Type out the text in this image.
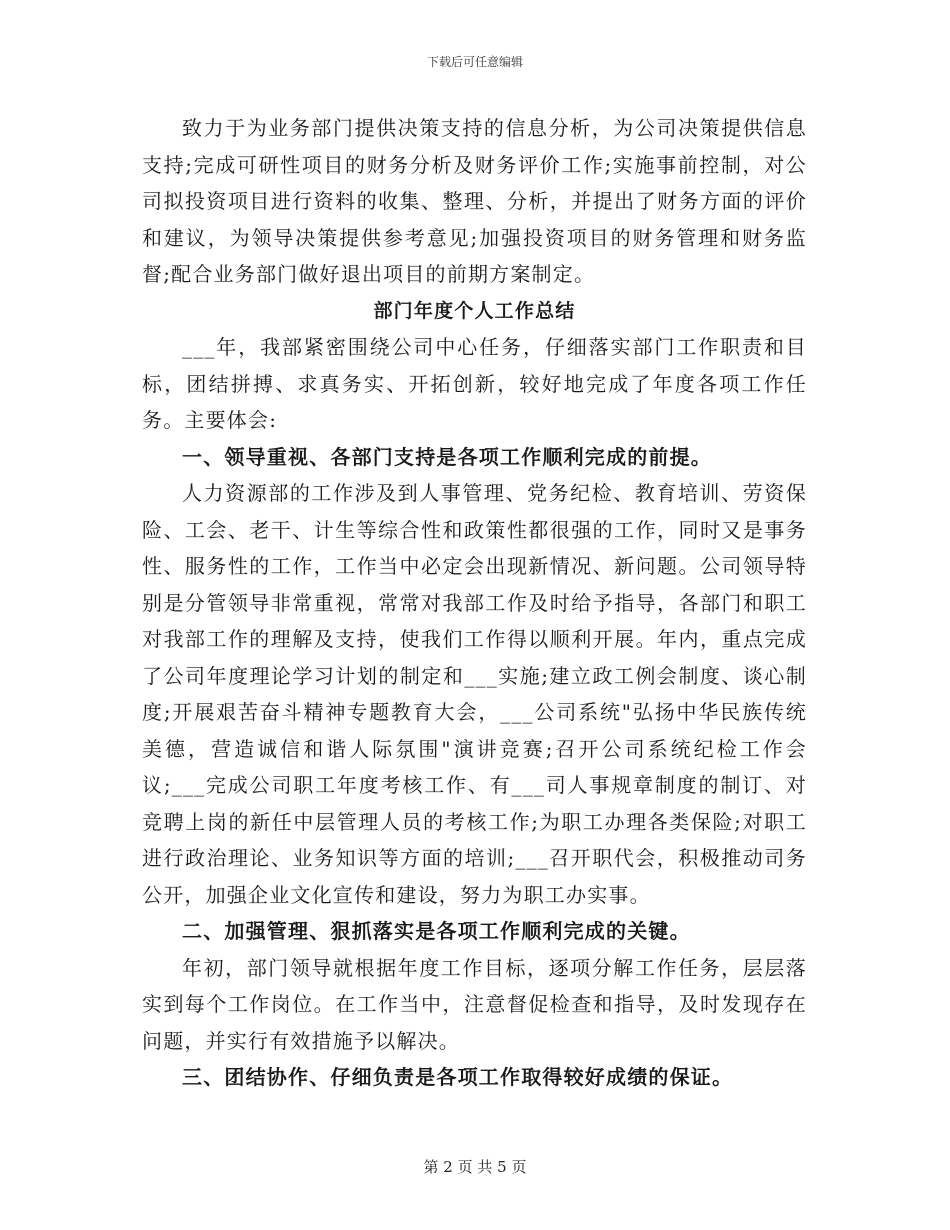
下载后可任意编辑

致力于为业务部门提供决策支持的信息分析，为公司决策提供信息支持;完成可研性项目的财务分析及财务评价工作;实施事前控制，对公司拟投资项目进行资料的收集、整理、分析，并提出了财务方面的评价和建议，为领导决策提供参考意见;加强投资项目的财务管理和财务监督;配合业务部门做好退出项目的前期方案制定。

部门年度个人工作总结

___年，我部紧密围绕公司中心任务，仔细落实部门工作职责和目标，团结拼搏、求真务实、开拓创新，较好地完成了年度各项工作任务。主要体会:

一、领导重视、各部门支持是各项工作顺利完成的前提。

人力资源部的工作涉及到人事管理、党务纪检、教育培训、劳资保险、工会、老干、计生等综合性和政策性都很强的工作，同时又是事务性、服务性的工作，工作当中必定会出现新情况、新问题。公司领导特别是分管领导非常重视，常常对我部工作及时给予指导，各部门和职工对我部工作的理解及支持，使我们工作得以顺利开展。年内，重点完成了公司年度理论学习计划的制定和___实施;建立政工例会制度、谈心制度;开展艰苦奋斗精神专题教育大会，___公司系统"弘扬中华民族传统美德，营造诚信和谐人际氛围"演讲竞赛;召开公司系统纪检工作会议;___完成公司职工年度考核工作、有___司人事规章制度的制订、对竞聘上岗的新任中层管理人员的考核工作;为职工办理各类保险;对职工进行政治理论、业务知识等方面的培训;___召开职代会，积极推动司务公开，加强企业文化宣传和建设，努力为职工办实事。

二、加强管理、狠抓落实是各项工作顺利完成的关键。

年初，部门领导就根据年度工作目标，逐项分解工作任务，层层落实到每个工作岗位。在工作当中，注意督促检查和指导，及时发现存在问题，并实行有效措施予以解决。

三、团结协作、仔细负责是各项工作取得较好成绩的保证。

第 2 页 共 5 页
